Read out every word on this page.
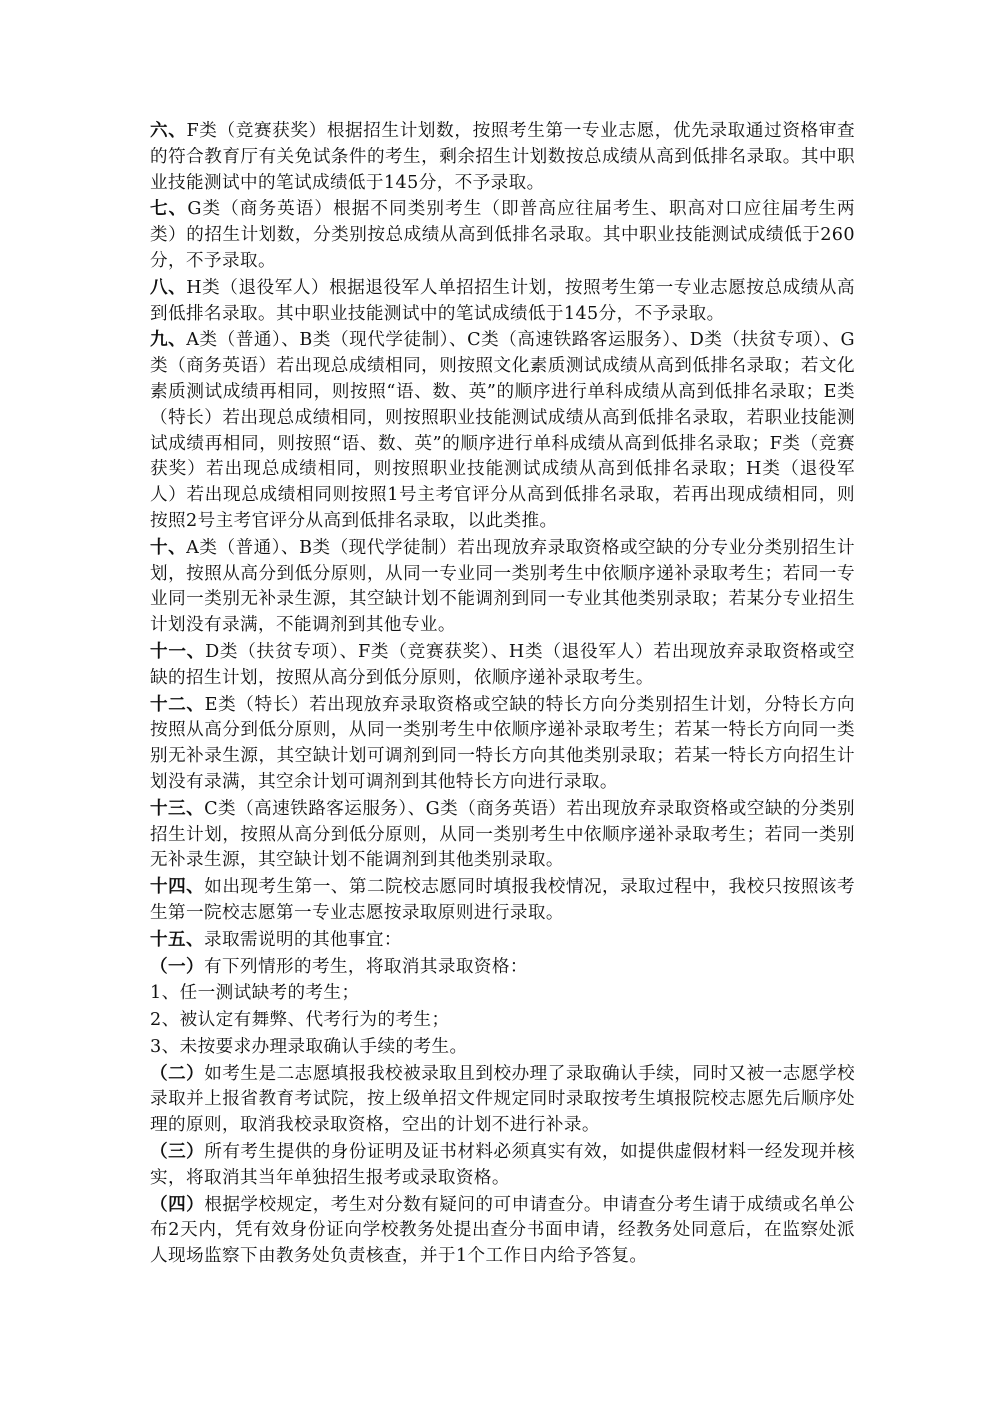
六、F类（竞赛获奖）根据招生计划数，按照考生第一专业志愿，优先录取通过资格审查的符合教育厅有关免试条件的考生，剩余招生计划数按总成绩从高到低排名录取。其中职业技能测试中的笔试成绩低于145分，不予录取。

七、G类（商务英语）根据不同类别考生（即普高应往届考生、职高对口应往届考生两类）的招生计划数，分类别按总成绩从高到低排名录取。其中职业技能测试成绩低于260分，不予录取。

八、H类（退役军人）根据退役军人单招招生计划，按照考生第一专业志愿按总成绩从高到低排名录取。其中职业技能测试中的笔试成绩低于145分，不予录取。

九、A类（普通）、B类（现代学徒制）、C类（高速铁路客运服务）、D类（扶贫专项）、G类（商务英语）若出现总成绩相同，则按照文化素质测试成绩从高到低排名录取；若文化素质测试成绩再相同，则按照“语、数、英”的顺序进行单科成绩从高到低排名录取；E类（特长）若出现总成绩相同，则按照职业技能测试成绩从高到低排名录取，若职业技能测试成绩再相同，则按照“语、数、英”的顺序进行单科成绩从高到低排名录取；F类（竞赛获奖）若出现总成绩相同，则按照职业技能测试成绩从高到低排名录取；H类（退役军人）若出现总成绩相同则按照1号主考官评分从高到低排名录取，若再出现成绩相同，则按照2号主考官评分从高到低排名录取，以此类推。

十、A类（普通）、B类（现代学徒制）若出现放弃录取资格或空缺的分专业分类别招生计划，按照从高分到低分原则，从同一专业同一类别考生中依顺序递补录取考生；若同一专业同一类别无补录生源，其空缺计划不能调剂到同一专业其他类别录取；若某分专业招生计划没有录满，不能调剂到其他专业。

十一、D类（扶贫专项）、F类（竞赛获奖）、H类（退役军人）若出现放弃录取资格或空缺的招生计划，按照从高分到低分原则，依顺序递补录取考生。

十二、E类（特长）若出现放弃录取资格或空缺的特长方向分类别招生计划，分特长方向按照从高分到低分原则，从同一类别考生中依顺序递补录取考生；若某一特长方向同一类别无补录生源，其空缺计划可调剂到同一特长方向其他类别录取；若某一特长方向招生计划没有录满，其空余计划可调剂到其他特长方向进行录取。

十三、C类（高速铁路客运服务）、G类（商务英语）若出现放弃录取资格或空缺的分类别招生计划，按照从高分到低分原则，从同一类别考生中依顺序递补录取考生；若同一类别无补录生源，其空缺计划不能调剂到其他类别录取。

十四、如出现考生第一、第二院校志愿同时填报我校情况，录取过程中，我校只按照该考生第一院校志愿第一专业志愿按录取原则进行录取。

十五、录取需说明的其他事宜：

（一）有下列情形的考生，将取消其录取资格：

1、任一测试缺考的考生；

2、被认定有舞弊、代考行为的考生；

3、未按要求办理录取确认手续的考生。

（二）如考生是二志愿填报我校被录取且到校办理了录取确认手续，同时又被一志愿学校录取并上报省教育考试院，按上级单招文件规定同时录取按考生填报院校志愿先后顺序处理的原则，取消我校录取资格，空出的计划不进行补录。

（三）所有考生提供的身份证明及证书材料必须真实有效，如提供虚假材料一经发现并核实，将取消其当年单独招生报考或录取资格。

（四）根据学校规定，考生对分数有疑问的可申请查分。申请查分考生请于成绩或名单公布2天内，凭有效身份证向学校教务处提出查分书面申请，经教务处同意后，在监察处派人现场监察下由教务处负责核查，并于1个工作日内给予答复。
